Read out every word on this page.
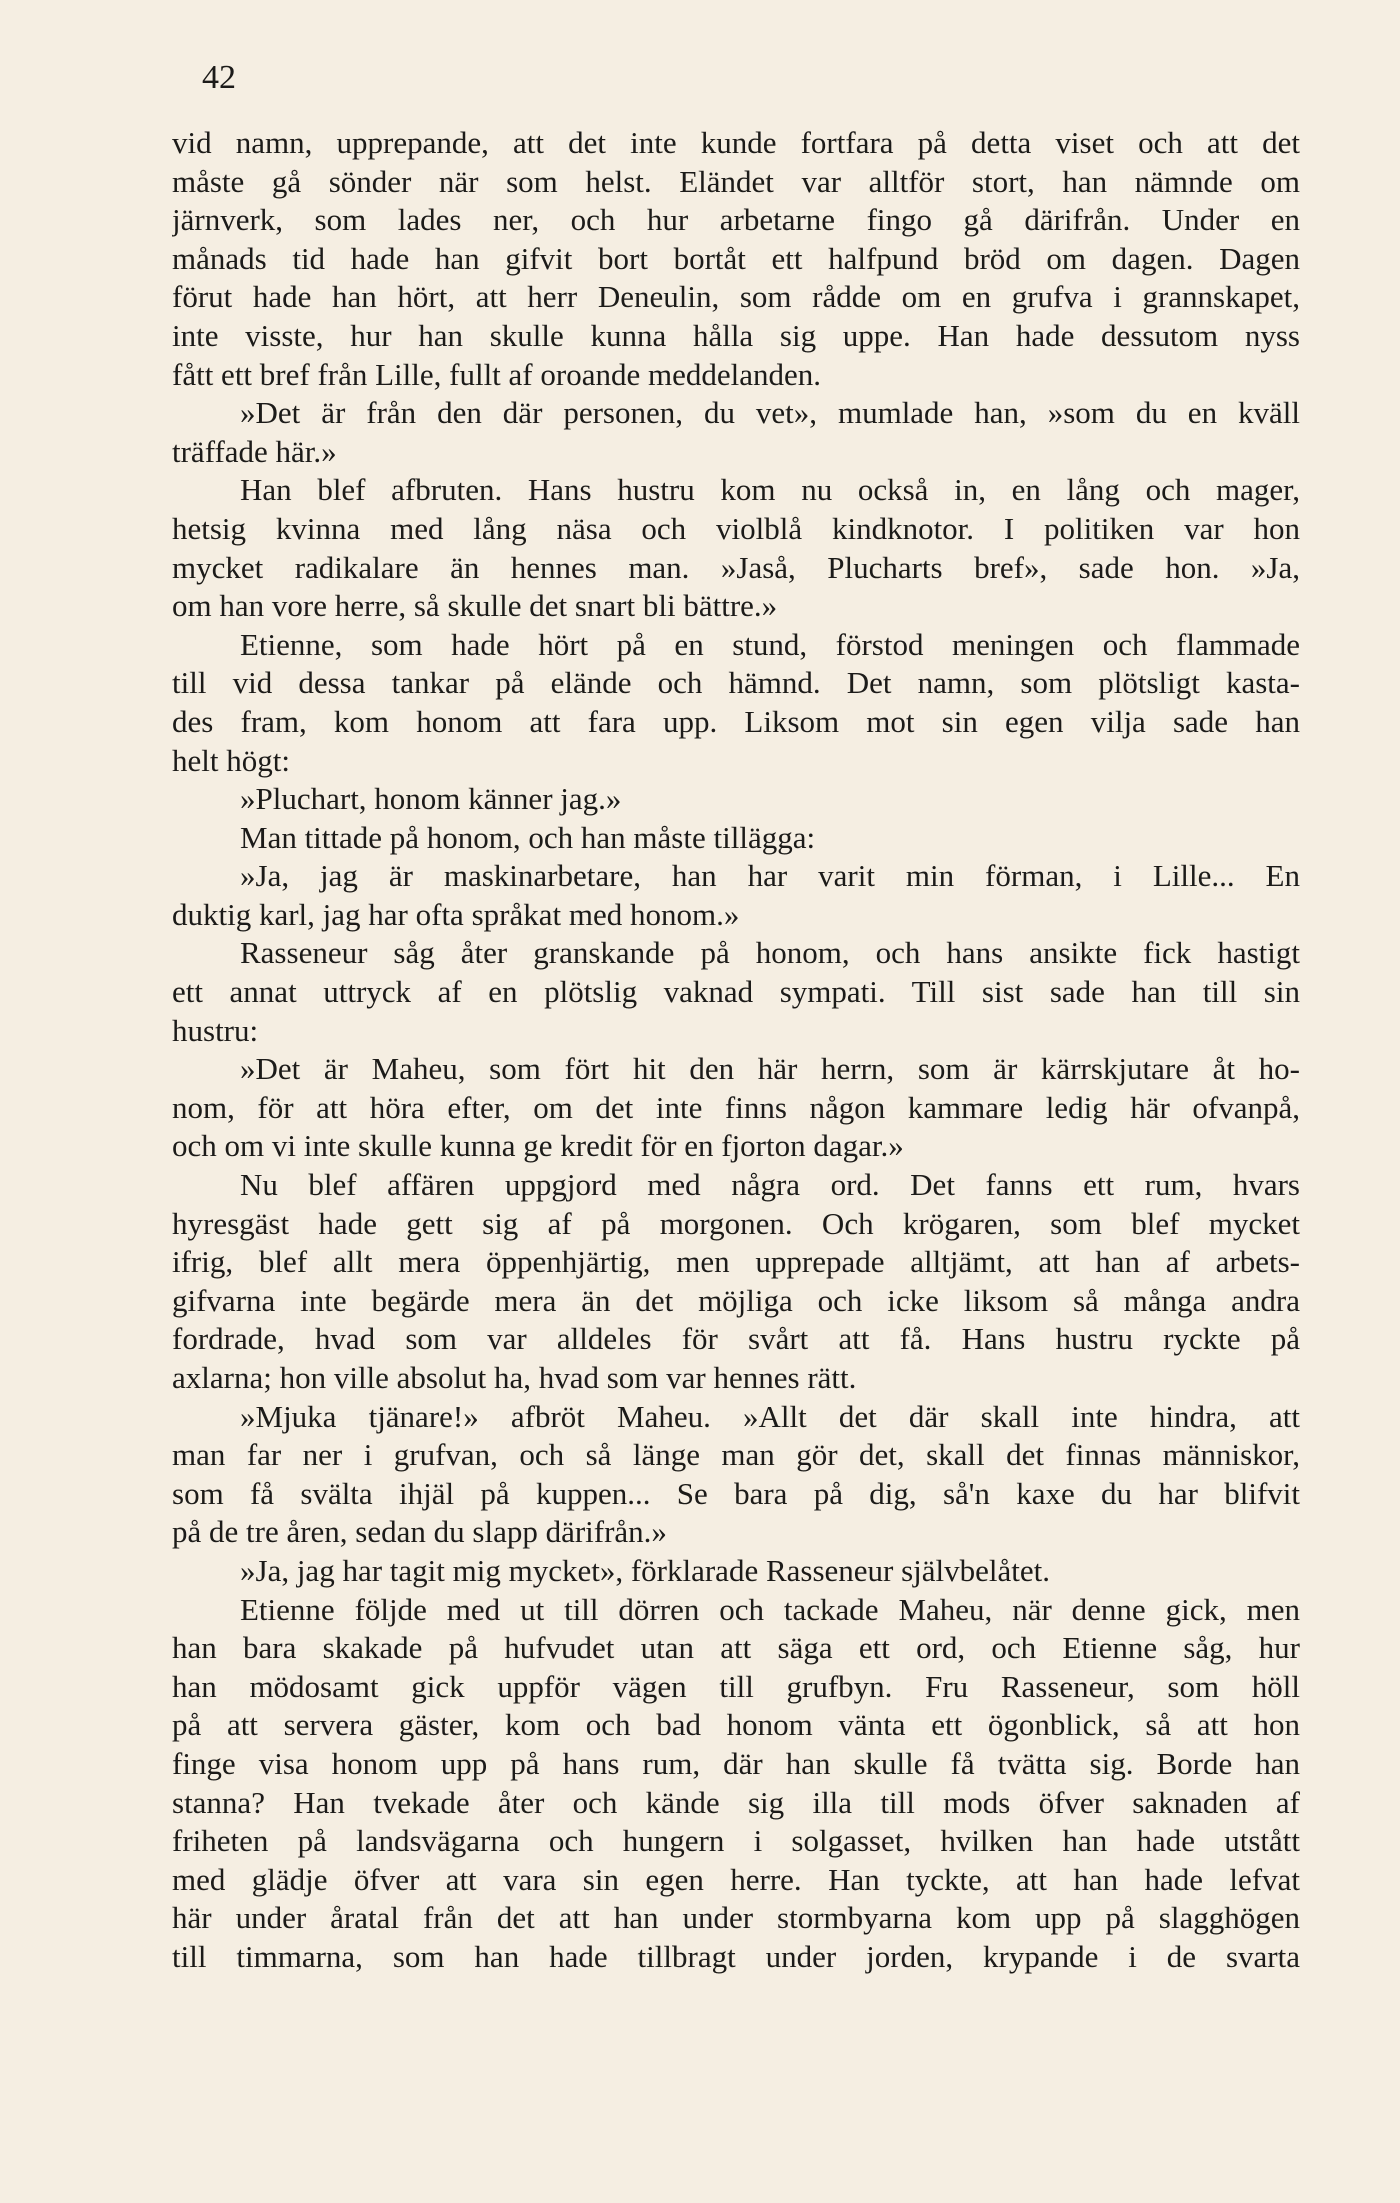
42
vid namn, upprepande, att det inte kunde fortfara på detta viset och att det
måste gå sönder när som helst. Eländet var alltför stort, han nämnde om
järnverk, som lades ner, och hur arbetarne fingo gå därifrån. Under en
månads tid hade han gifvit bort bortåt ett halfpund bröd om dagen. Dagen
förut hade han hört, att herr Deneulin, som rådde om en grufva i grannskapet,
inte visste, hur han skulle kunna hålla sig uppe. Han hade dessutom nyss
fått ett bref från Lille, fullt af oroande meddelanden.
»Det är från den där personen, du vet», mumlade han, »som du en kväll
träffade här.»
Han blef afbruten. Hans hustru kom nu också in, en lång och mager,
hetsig kvinna med lång näsa och violblå kindknotor. I politiken var hon
mycket radikalare än hennes man. »Jaså, Plucharts bref», sade hon. »Ja,
om han vore herre, så skulle det snart bli bättre.»
Etienne, som hade hört på en stund, förstod meningen och flammade
till vid dessa tankar på elände och hämnd. Det namn, som plötsligt kasta-
des fram, kom honom att fara upp. Liksom mot sin egen vilja sade han
helt högt:
»Pluchart, honom känner jag.»
Man tittade på honom, och han måste tillägga:
»Ja, jag är maskinarbetare, han har varit min förman, i Lille... En
duktig karl, jag har ofta språkat med honom.»
Rasseneur såg åter granskande på honom, och hans ansikte fick hastigt
ett annat uttryck af en plötslig vaknad sympati. Till sist sade han till sin
hustru:
»Det är Maheu, som fört hit den här herrn, som är kärrskjutare åt ho-
nom, för att höra efter, om det inte finns någon kammare ledig här ofvanpå,
och om vi inte skulle kunna ge kredit för en fjorton dagar.»
Nu blef affären uppgjord med några ord. Det fanns ett rum, hvars
hyresgäst hade gett sig af på morgonen. Och krögaren, som blef mycket
ifrig, blef allt mera öppenhjärtig, men upprepade alltjämt, att han af arbets-
gifvarna inte begärde mera än det möjliga och icke liksom så många andra
fordrade, hvad som var alldeles för svårt att få. Hans hustru ryckte på
axlarna; hon ville absolut ha, hvad som var hennes rätt.
»Mjuka tjänare!» afbröt Maheu. »Allt det där skall inte hindra, att
man far ner i grufvan, och så länge man gör det, skall det finnas människor,
som få svälta ihjäl på kuppen... Se bara på dig, så'n kaxe du har blifvit
på de tre åren, sedan du slapp därifrån.»
»Ja, jag har tagit mig mycket», förklarade Rasseneur självbelåtet.
Etienne följde med ut till dörren och tackade Maheu, när denne gick, men
han bara skakade på hufvudet utan att säga ett ord, och Etienne såg, hur
han mödosamt gick uppför vägen till grufbyn. Fru Rasseneur, som höll
på att servera gäster, kom och bad honom vänta ett ögonblick, så att hon
finge visa honom upp på hans rum, där han skulle få tvätta sig. Borde han
stanna? Han tvekade åter och kände sig illa till mods öfver saknaden af
friheten på landsvägarna och hungern i solgasset, hvilken han hade utstått
med glädje öfver att vara sin egen herre. Han tyckte, att han hade lefvat
här under åratal från det att han under stormbyarna kom upp på slagghögen
till timmarna, som han hade tillbragt under jorden, krypande i de svarta
